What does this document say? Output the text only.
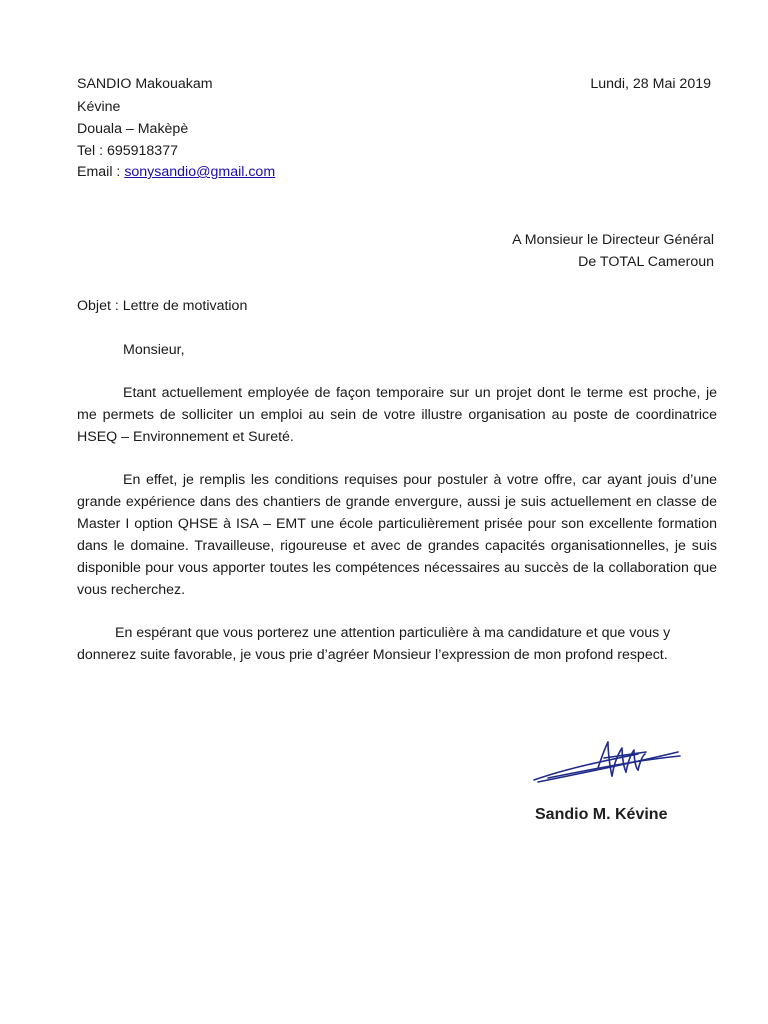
SANDIO Makouakam
Kévine
Douala – Makèpè
Tel : 695918377
Email : sonysandio@gmail.com
Lundi, 28 Mai 2019
A Monsieur le Directeur Général
De TOTAL Cameroun
Objet : Lettre de motivation
Monsieur,
Etant actuellement employée de façon temporaire sur un projet dont le terme est proche, je me permets de solliciter un emploi au sein de votre illustre organisation au poste de coordinatrice HSEQ – Environnement et Sureté.
En effet, je remplis les conditions requises pour postuler à votre offre, car ayant jouis d’une grande expérience dans des chantiers de grande envergure, aussi je suis actuellement en classe de Master I option QHSE à ISA – EMT une école particulièrement prisée pour son excellente formation dans le domaine. Travailleuse, rigoureuse et avec de grandes capacités organisationnelles, je suis disponible pour vous apporter toutes les compétences nécessaires au succès de la collaboration que vous recherchez.
En espérant que vous porterez une attention particulière à ma candidature et que vous y donnerez suite favorable, je vous prie d’agréer Monsieur l’expression de mon profond respect.
Sandio M. Kévine
